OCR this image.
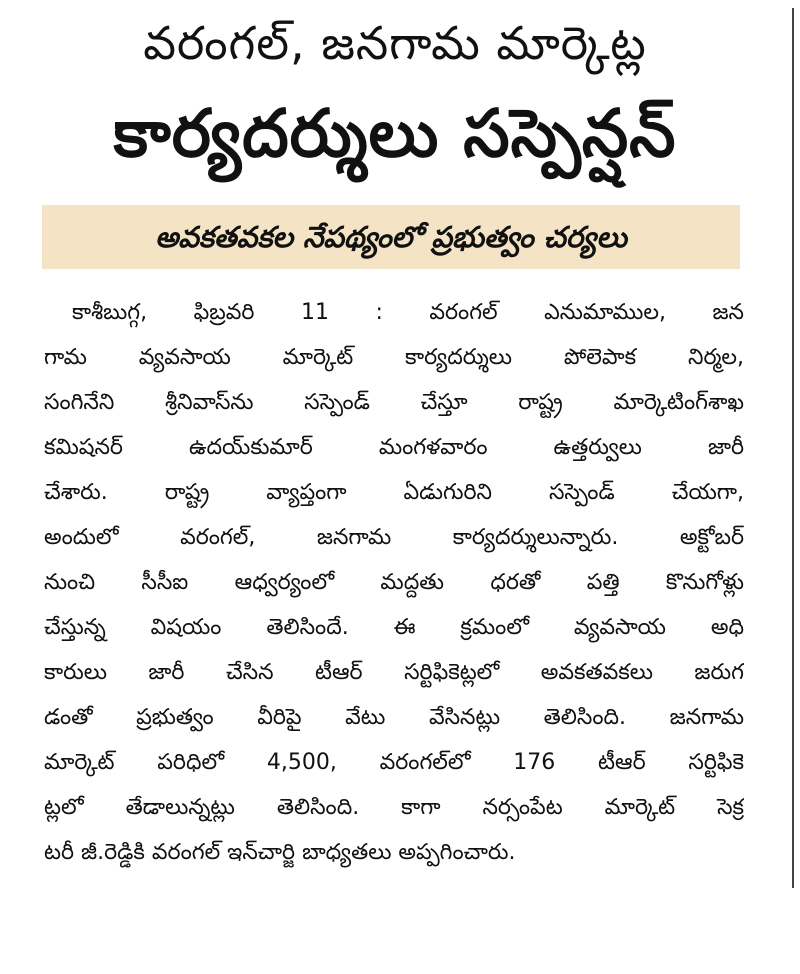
వరంగల్, జనగామ మార్కెట్ల
కార్యదర్శులు సస్పెన్షన్
అవకతవకల నేపథ్యంలో ప్రభుత్వం చర్యలు
కాశీబుగ్గ, ఫిబ్రవరి 11 : వరంగల్ ఎనుమాముల, జన
గామ వ్యవసాయ మార్కెట్ కార్యదర్శులు పోలెపాక నిర్మల,
సంగినేని శ్రీనివాస్‌ను సస్పెండ్ చేస్తూ రాష్ట్ర మార్కెటింగ్‌శాఖ
కమిషనర్ ఉదయ్‌కుమార్ మంగళవారం ఉత్తర్వులు జారీ
చేశారు. రాష్ట్ర వ్యాప్తంగా ఏడుగురిని సస్పెండ్ చేయగా,
అందులో వరంగల్, జనగామ కార్యదర్శులున్నారు. అక్టోబర్
నుంచి సీసీఐ ఆధ్వర్యంలో మద్దతు ధరతో పత్తి కొనుగోళ్లు
చేస్తున్న విషయం తెలిసిందే. ఈ క్రమంలో వ్యవసాయ అధి
కారులు జారీ చేసిన టీఆర్ సర్టిఫికెట్లలో అవకతవకలు జరుగ
డంతో ప్రభుత్వం వీరిపై వేటు వేసినట్లు తెలిసింది. జనగామ
మార్కెట్ పరిధిలో 4,500, వరంగల్‌లో 176 టీఆర్ సర్టిఫికె
ట్లలో తేడాలున్నట్లు తెలిసింది. కాగా నర్సంపేట మార్కెట్ సెక్ర
టరీ జీ.రెడ్డికి వరంగల్ ఇన్‌చార్జి బాధ్యతలు అప్పగించారు.
